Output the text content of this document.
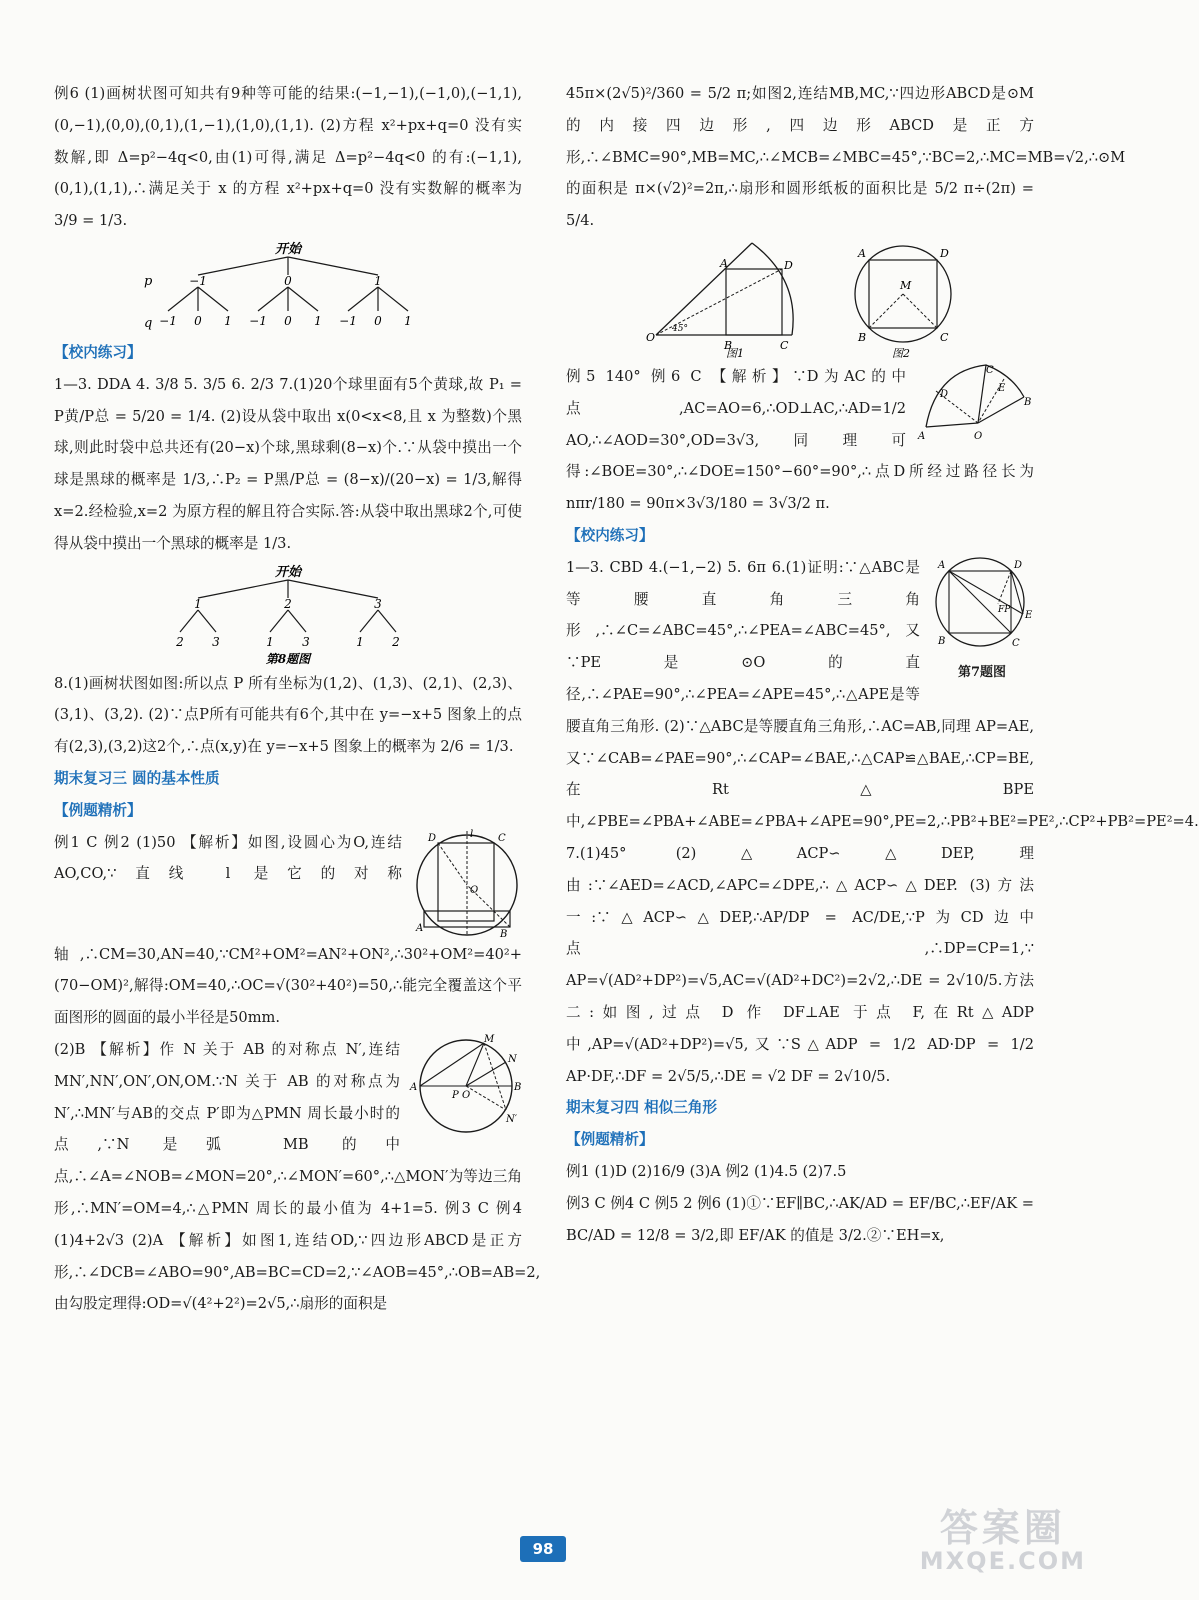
例6 (1)画树状图可知共有9种等可能的结果:(−1,−1),(−1,0),(−1,1),(0,−1),(0,0),(0,1),(1,−1),(1,0),(1,1). (2)方程 x²+px+q=0 没有实数解,即 Δ=p²−4q<0,由(1)可得,满足 Δ=p²−4q<0 的有:(−1,1),(0,1),(1,1),∴满足关于 x 的方程 x²+px+q=0 没有实数解的概率为 3/9 = 1/3.

开始
p
q
−1	0	1
−1 0 1 −1 0 1 −1 0 1

【校内练习】

1—3. DDA 4. 3/8 5. 3/5 6. 2/3 7.(1)20个球里面有5个黄球,故 P₁ = P黄/P总 = 5/20 = 1/4. (2)设从袋中取出 x(0<x<8,且 x 为整数)个黑球,则此时袋中总共还有(20−x)个球,黑球剩(8−x)个.∵从袋中摸出一个球是黑球的概率是 1/3,∴P₂ = P黑/P总 = (8−x)/(20−x) = 1/3,解得 x=2.经检验,x=2 为原方程的解且符合实际.答:从袋中取出黑球2个,可使得从袋中摸出一个黑球的概率是 1/3.

开始
1	2	3
2 3	1 3	1 2
第8题图

8.(1)画树状图如图:所以点 P 所有坐标为(1,2)、(1,3)、(2,1)、(2,3)、(3,1)、(3,2). (2)∵点P所有可能共有6个,其中在 y=−x+5 图象上的点有(2,3),(3,2)这2个,∴点(x,y)在 y=−x+5 图象上的概率为 2/6 = 1/3.

期末复习三 圆的基本性质

【例题精析】

D	C
O
l
A
B

例1 C 例2 (1)50 【解析】如图,设圆心为O,连结AO,CO,∵直线 l 是它的对称轴,∴CM=30,AN=40,∵CM²+OM²=AN²+ON²,∴30²+OM²=40²+(70−OM)²,解得:OM=40,∴OC=√(30²+40²)=50,∴能完全覆盖这个平面图形的圆面的最小半径是50mm.

A	B
M
N
O
P
N′

(2)B 【解析】作 N 关于 AB 的对称点 N′,连结 MN′,NN′,ON′,ON,OM.∵N 关于 AB 的对称点为 N′,∴MN′与AB的交点 P′即为△PMN 周长最小时的点,∵N 是弧 MB 的中点,∴∠A=∠NOB=∠MON=20°,∴∠MON′=60°,∴△MON′为等边三角形,∴MN′=OM=4,∴△PMN 周长的最小值为 4+1=5. 例3 C 例4 (1)4+2√3 (2)A 【解析】如图1,连结OD,∵四边形ABCD是正方形,∴∠DCB=∠ABO=90°,AB=BC=CD=2,∵∠AOB=45°,∴OB=AB=2,由勾股定理得:OD=√(4²+2²)=2√5,∴扇形的面积是

45π×(2√5)²/360 = 5/2 π;如图2,连结MB,MC,∵四边形ABCD是⊙M的内接四边形,四边形ABCD是正方形,∴∠BMC=90°,MB=MC,∴∠MCB=∠MBC=45°,∵BC=2,∴MC=MB=√2,∴⊙M的面积是 π×(√2)²=2π,∴扇形和圆形纸板的面积比是 5/2 π÷(2π) = 5/4.

O
A	D
B	C
45°
图1
A	D
M
B	C
图2
A
C
D
E
B
O

例5 140° 例6 C 【解析】∵D为AC的中点,AC=AO=6,∴OD⊥AC,∴AD=1/2 AO,∴∠AOD=30°,OD=3√3,同理可得:∠BOE=30°,∴∠DOE=150°−60°=90°,∴点D所经过路径长为 nπr/180 = 90π×3√3/180 = 3√3/2 π.

【校内练习】

A	D
B	C
E
FP
第7题图

1—3. CBD 4.(−1,−2) 5. 6π 6.(1)证明:∵△ABC是等腰直角三角形,∴∠C=∠ABC=45°,∴∠PEA=∠ABC=45°,又∵PE是⊙O的直径,∴∠PAE=90°,∴∠PEA=∠APE=45°,∴△APE是等腰直角三角形. (2)∵△ABC是等腰直角三角形,∴AC=AB,同理 AP=AE,又∵∠CAB=∠PAE=90°,∴∠CAP=∠BAE,∴△CAP≌△BAE,∴CP=BE,在Rt△BPE中,∠PBE=∠PBA+∠ABE=∠PBA+∠APE=90°,PE=2,∴PB²+BE²=PE²,∴CP²+PB²=PE²=4. 7.(1)45° (2)△ACP∽△DEP,理由:∵∠AED=∠ACD,∠APC=∠DPE,∴△ACP∽△DEP. (3)方法一:∵△ACP∽△DEP,∴AP/DP = AC/DE,∵P为CD边中点,∴DP=CP=1,∵ AP=√(AD²+DP²)=√5,AC=√(AD²+DC²)=2√2,∴DE = 2√10/5.方法二:如图,过点 D 作 DF⊥AE 于点 F,在Rt△ADP中,AP=√(AD²+DP²)=√5,又∵S△ADP = 1/2 AD·DP = 1/2 AP·DF,∴DF = 2√5/5,∴DE = √2 DF = 2√10/5.

期末复习四 相似三角形

【例题精析】

例1 (1)D (2)16/9 (3)A 例2 (1)4.5 (2)7.5

例3 C 例4 C 例5 2 例6 (1)①∵EF∥BC,∴AK/AD = EF/BC,∴EF/AK = BC/AD = 12/8 = 3/2,即 EF/AK 的值是 3/2.②∵EH=x,

98	答案圈
MXQE.COM
